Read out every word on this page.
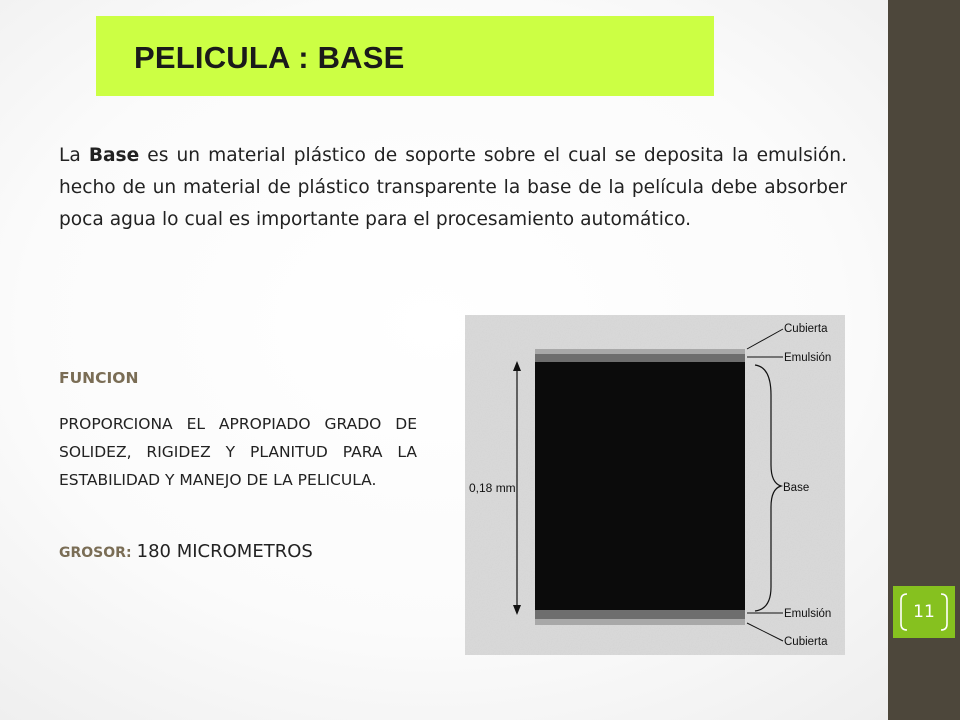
11
PELICULA : BASE

La Base es un material plástico de soporte sobre el cual se deposita la emulsión. hecho de un material de plástico transparente la base de la película debe absorber poca agua lo cual es importante para el procesamiento automático.

FUNCION

PROPORCIONA EL APROPIADO GRADO DE SOLIDEZ, RIGIDEZ Y PLANITUD PARA LA ESTABILIDAD Y MANEJO DE LA PELICULA.

GROSOR: 180 MICROMETROS

0,18 mm
Cubierta
Emulsión
Base
Emulsión
Cubierta
